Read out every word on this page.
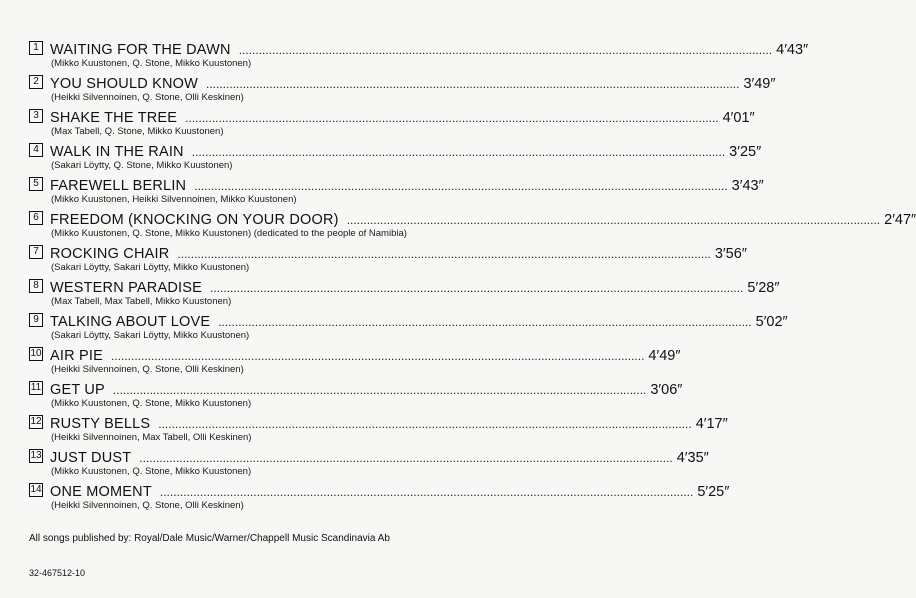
1 WAITING FOR THE DAWN ................................................................................................................................................................ 4′43″
(Mikko Kuustonen, Q. Stone, Mikko Kuustonen)
2 YOU SHOULD KNOW ................................................................................................................................................................ 3′49″
(Heikki Silvennoinen, Q. Stone, Olli Keskinen)
3 SHAKE THE TREE ................................................................................................................................................................ 4′01″
(Max Tabell, Q. Stone, Mikko Kuustonen)
4 WALK IN THE RAIN ................................................................................................................................................................ 3′25″
(Sakari Löytty, Q. Stone, Mikko Kuustonen)
5 FAREWELL BERLIN ................................................................................................................................................................ 3′43″
(Mikko Kuustonen, Heikki Silvennoinen, Mikko Kuustonen)
6 FREEDOM (KNOCKING ON YOUR DOOR) ................................................................................................................................................................ 2′47″
(Mikko Kuustonen, Q. Stone, Mikko Kuustonen) (dedicated to the people of Namibia)
7 ROCKING CHAIR ................................................................................................................................................................ 3′56″
(Sakari Löytty, Sakari Löytty, Mikko Kuustonen)
8 WESTERN PARADISE ................................................................................................................................................................ 5′28″
(Max Tabell, Max Tabell, Mikko Kuustonen)
9 TALKING ABOUT LOVE ................................................................................................................................................................ 5′02″
(Sakari Löytty, Sakari Löytty, Mikko Kuustonen)
10 AIR PIE ................................................................................................................................................................ 4′49″
(Heikki Silvennoinen, Q. Stone, Olli Keskinen)
11 GET UP ................................................................................................................................................................ 3′06″
(Mikko Kuustonen, Q. Stone, Mikko Kuustonen)
12 RUSTY BELLS ................................................................................................................................................................ 4′17″
(Heikki Silvennoinen, Max Tabell, Olli Keskinen)
13 JUST DUST ................................................................................................................................................................ 4′35″
(Mikko Kuustonen, Q. Stone, Mikko Kuustonen)
14 ONE MOMENT ................................................................................................................................................................ 5′25″
(Heikki Silvennoinen, Q. Stone, Olli Keskinen)
All songs published by: Royal/Dale Music/Warner/Chappell Music Scandinavia Ab
32-467512-10
